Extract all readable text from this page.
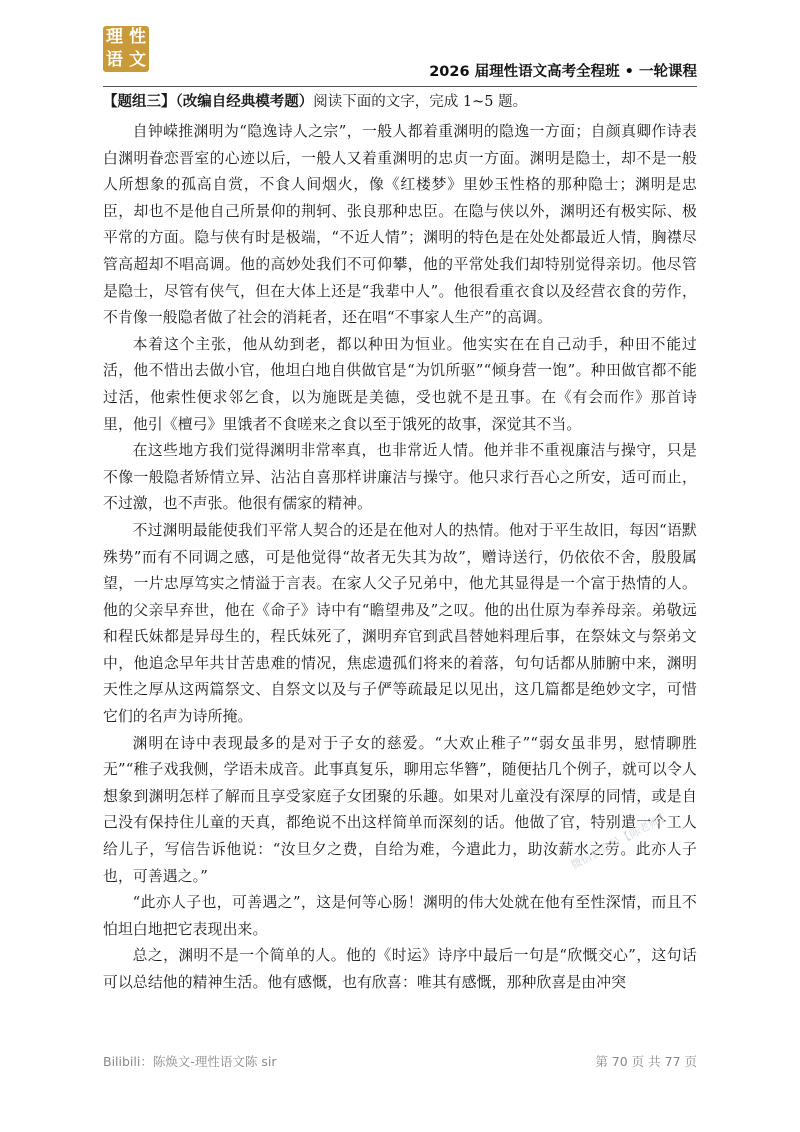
理 性
语 文
2026 届理性语文高考全程班 • 一轮课程

【题组三】（改编自经典模考题）阅读下面的文字，完成 1~5 题。

自钟嵘推渊明为“隐逸诗人之宗”，一般人都着重渊明的隐逸一方面；自颜真卿作诗表白渊明眷恋晋室的心迹以后，一般人又着重渊明的忠贞一方面。渊明是隐士，却不是一般人所想象的孤高自赏，不食人间烟火，像《红楼梦》里妙玉性格的那种隐士；渊明是忠臣，却也不是他自己所景仰的荆轲、张良那种忠臣。在隐与侠以外，渊明还有极实际、极平常的方面。隐与侠有时是极端，“不近人情”；渊明的特色是在处处都最近人情，胸襟尽管高超却不唱高调。他的高妙处我们不可仰攀，他的平常处我们却特别觉得亲切。他尽管是隐士，尽管有侠气，但在大体上还是“我辈中人”。他很看重衣食以及经营衣食的劳作，不肯像一般隐者做了社会的消耗者，还在唱“不事家人生产”的高调。

本着这个主张，他从幼到老，都以种田为恒业。他实实在在自己动手，种田不能过活，他不惜出去做小官，他坦白地自供做官是“为饥所驱”“倾身营一饱”。种田做官都不能过活，他索性便求邻乞食，以为施既是美德，受也就不是丑事。在《有会而作》那首诗里，他引《檀弓》里饿者不食嗟来之食以至于饿死的故事，深觉其不当。

在这些地方我们觉得渊明非常率真，也非常近人情。他并非不重视廉洁与操守，只是不像一般隐者矫情立异、沾沾自喜那样讲廉洁与操守。他只求行吾心之所安，适可而止，不过激，也不声张。他很有儒家的精神。

不过渊明最能使我们平常人契合的还是在他对人的热情。他对于平生故旧，每因“语默殊势”而有不同调之感，可是他觉得“故者无失其为故”，赠诗送行，仍依依不舍，殷殷属望，一片忠厚笃实之情溢于言表。在家人父子兄弟中，他尤其显得是一个富于热情的人。他的父亲早弃世，他在《命子》诗中有“瞻望弗及”之叹。他的出仕原为奉养母亲。弟敬远和程氏妹都是异母生的，程氏妹死了，渊明弃官到武昌替她料理后事，在祭妹文与祭弟文中，他追念早年共甘苦患难的情况，焦虑遗孤们将来的着落，句句话都从肺腑中来，渊明天性之厚从这两篇祭文、自祭文以及与子俨等疏最足以见出，这几篇都是绝妙文字，可惜它们的名声为诗所掩。

渊明在诗中表现最多的是对于子女的慈爱。“大欢止稚子”“弱女虽非男，慰情聊胜无”“稚子戏我侧，学语未成音。此事真复乐，聊用忘华簪”，随便拈几个例子，就可以令人想象到渊明怎样了解而且享受家庭子女团聚的乐趣。如果对儿童没有深厚的同情，或是自己没有保持住儿童的天真，都绝说不出这样简单而深刻的话。他做了官，特别遣一个工人给儿子，写信告诉他说：“汝旦夕之费，自给为难，今遣此力，助汝薪水之劳。此亦人子也，可善遇之。”

“此亦人子也，可善遇之”，这是何等心肠！渊明的伟大处就在他有至性深情，而且不怕坦白地把它表现出来。

总之，渊明不是一个简单的人。他的《时运》诗序中最后一句是“欣慨交心”，这句话可以总结他的精神生活。他有感慨，也有欣喜：唯其有感慨，那种欣喜是由冲突

微信公众号【陈老师】
Bilibili：陈焕文-理性语文陈 sir	第 70 页 共 77 页
